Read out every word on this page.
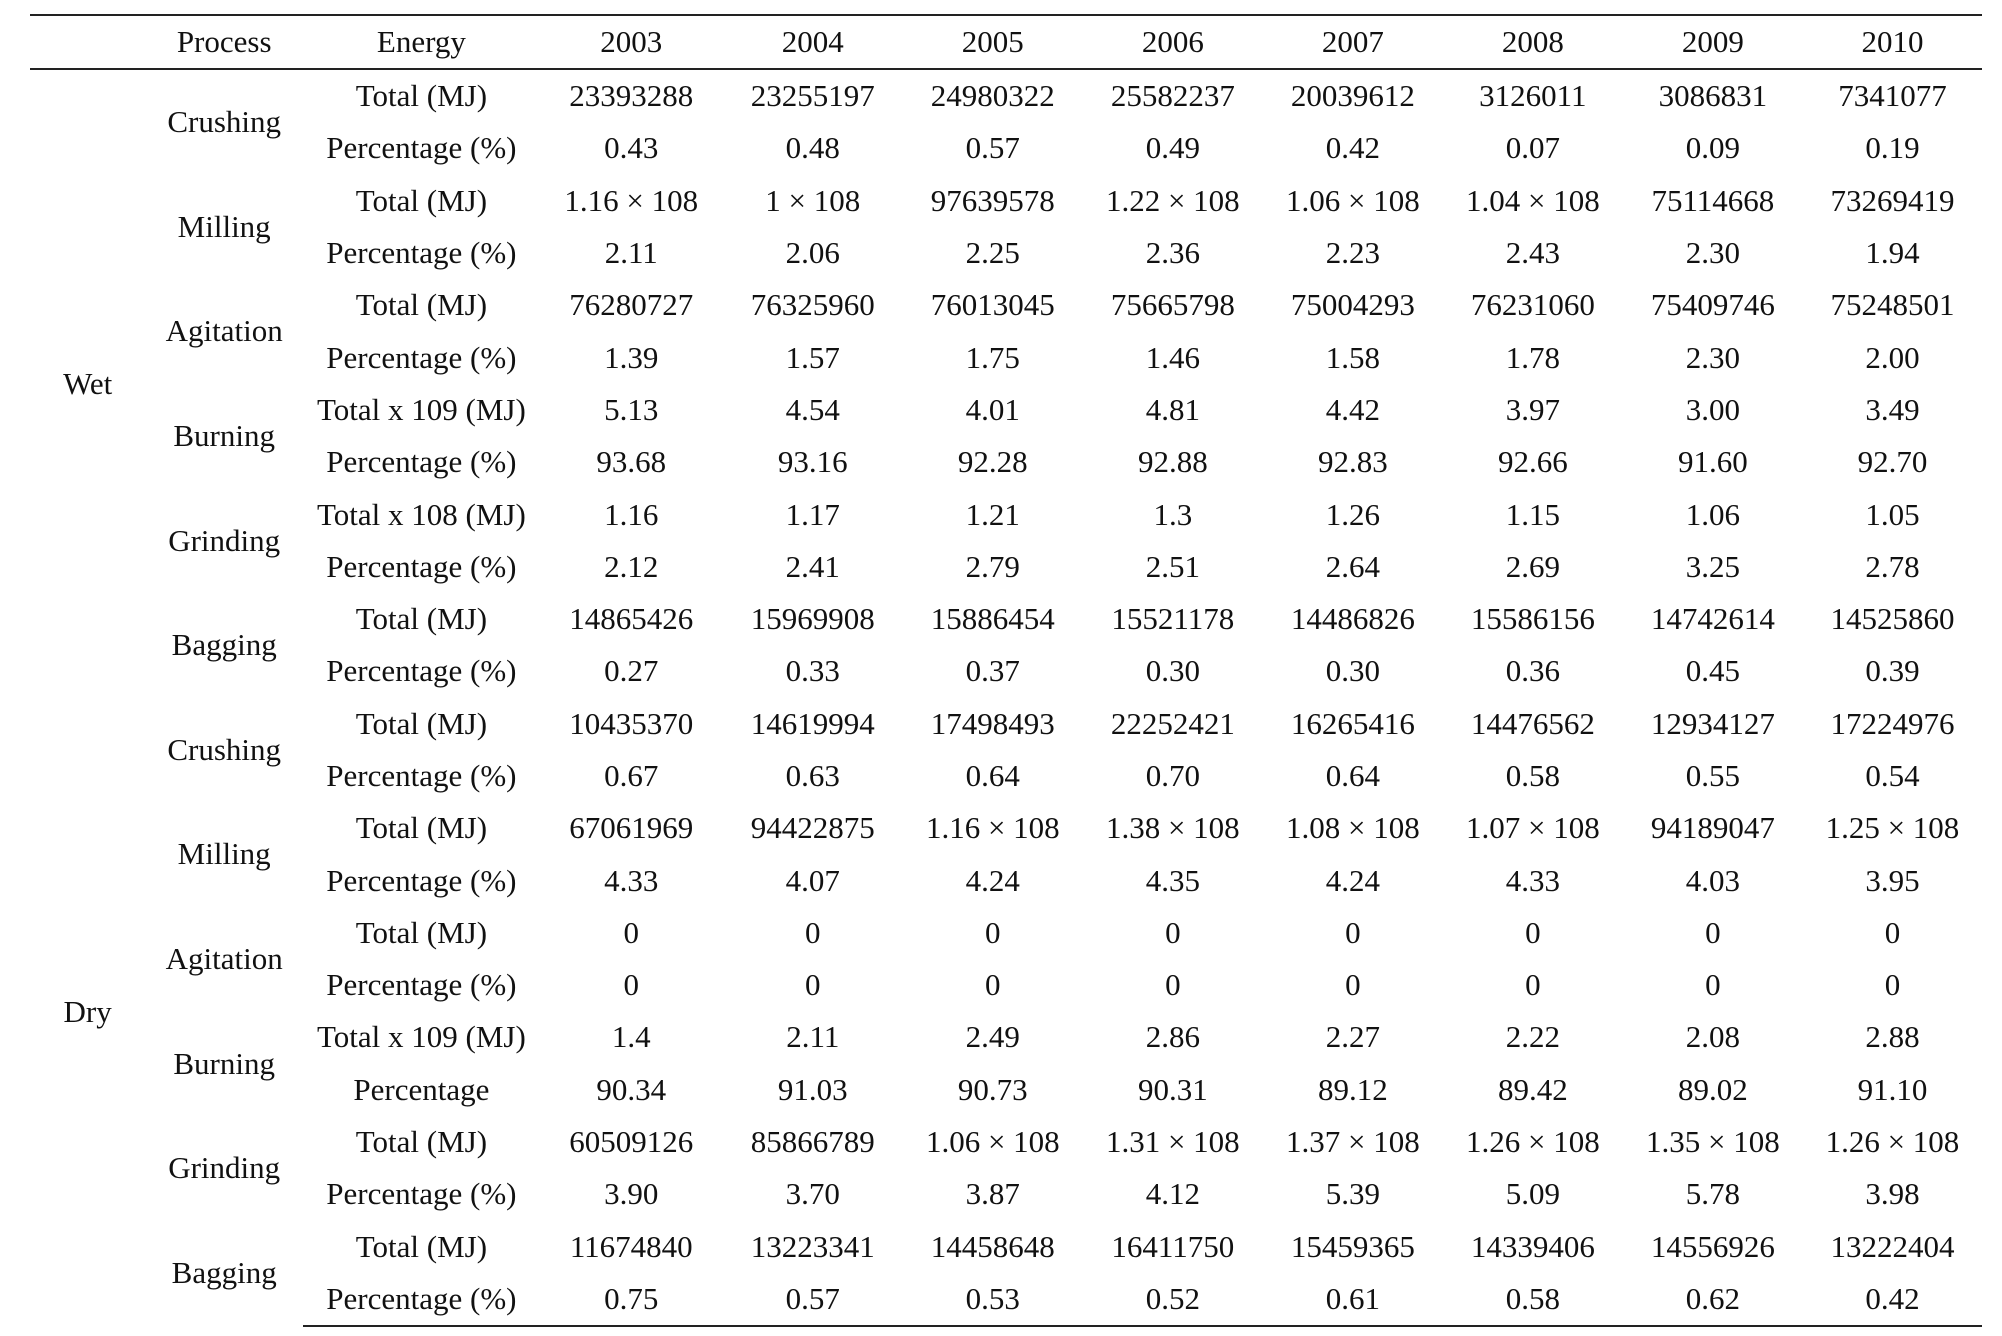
	Process	Energy	2003	2004	2005	2006	2007	2008	2009	2010
Wet	Crushing	Total (MJ)	23393288	23255197	24980322	25582237	20039612	3126011	3086831	7341077
		Percentage (%)	0.43	0.48	0.57	0.49	0.42	0.07	0.09	0.19
	Milling	Total (MJ)	1.16 × 108	1 × 108	97639578	1.22 × 108	1.06 × 108	1.04 × 108	75114668	73269419
		Percentage (%)	2.11	2.06	2.25	2.36	2.23	2.43	2.30	1.94
	Agitation	Total (MJ)	76280727	76325960	76013045	75665798	75004293	76231060	75409746	75248501
		Percentage (%)	1.39	1.57	1.75	1.46	1.58	1.78	2.30	2.00
	Burning	Total x 109 (MJ)	5.13	4.54	4.01	4.81	4.42	3.97	3.00	3.49
		Percentage (%)	93.68	93.16	92.28	92.88	92.83	92.66	91.60	92.70
	Grinding	Total x 108 (MJ)	1.16	1.17	1.21	1.3	1.26	1.15	1.06	1.05
		Percentage (%)	2.12	2.41	2.79	2.51	2.64	2.69	3.25	2.78
	Bagging	Total (MJ)	14865426	15969908	15886454	15521178	14486826	15586156	14742614	14525860
		Percentage (%)	0.27	0.33	0.37	0.30	0.30	0.36	0.45	0.39
Dry	Crushing	Total (MJ)	10435370	14619994	17498493	22252421	16265416	14476562	12934127	17224976
		Percentage (%)	0.67	0.63	0.64	0.70	0.64	0.58	0.55	0.54
	Milling	Total (MJ)	67061969	94422875	1.16 × 108	1.38 × 108	1.08 × 108	1.07 × 108	94189047	1.25 × 108
		Percentage (%)	4.33	4.07	4.24	4.35	4.24	4.33	4.03	3.95
	Agitation	Total (MJ)	0	0	0	0	0	0	0	0
		Percentage (%)	0	0	0	0	0	0	0	0
	Burning	Total x 109 (MJ)	1.4	2.11	2.49	2.86	2.27	2.22	2.08	2.88
		Percentage	90.34	91.03	90.73	90.31	89.12	89.42	89.02	91.10
	Grinding	Total (MJ)	60509126	85866789	1.06 × 108	1.31 × 108	1.37 × 108	1.26 × 108	1.35 × 108	1.26 × 108
		Percentage (%)	3.90	3.70	3.87	4.12	5.39	5.09	5.78	3.98
	Bagging	Total (MJ)	11674840	13223341	14458648	16411750	15459365	14339406	14556926	13222404
		Percentage (%)	0.75	0.57	0.53	0.52	0.61	0.58	0.62	0.42
